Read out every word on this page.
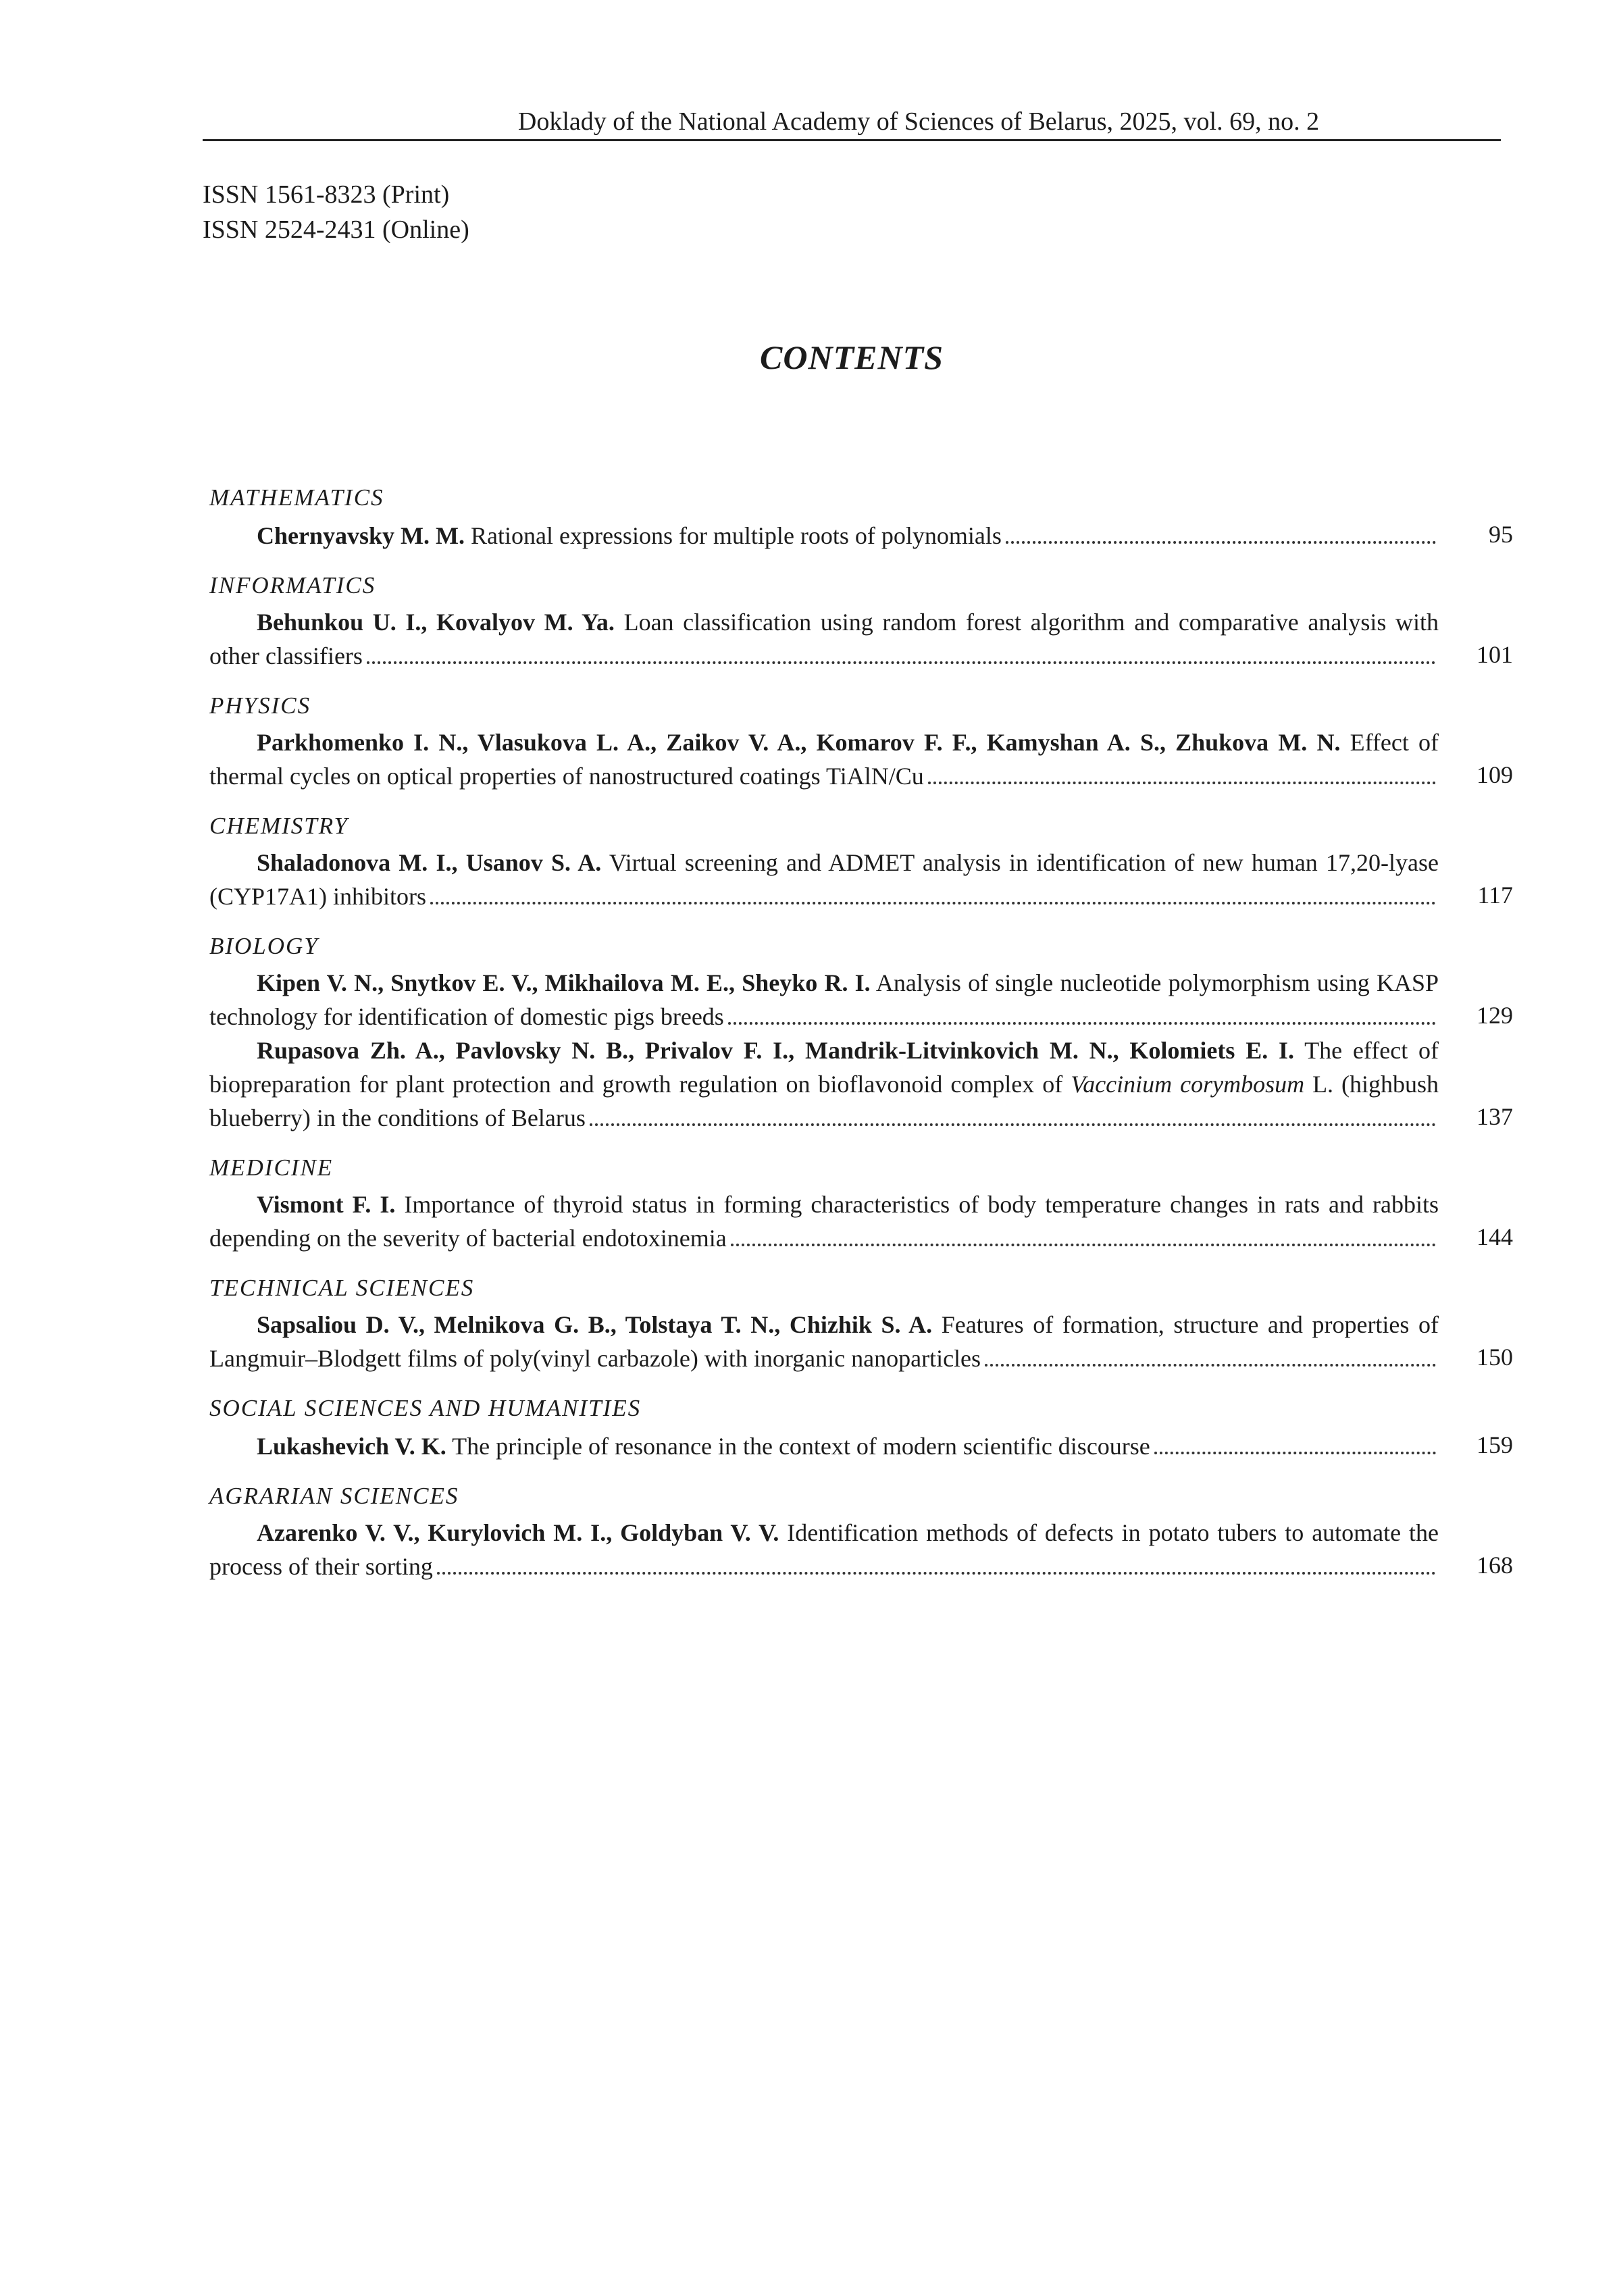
Doklady of the National Academy of Sciences of Belarus, 2025, vol. 69, no. 2
ISSN 1561-8323 (Print)
ISSN 2524-2431 (Online)
CONTENTS
MATHEMATICS
Chernyavsky M. M. Rational expressions for multiple roots of polynomials	95
INFORMATICS
Behunkou U. I., Kovalyov M. Ya. Loan classification using random forest algorithm and comparative analysis with other classifiers	101
PHYSICS
Parkhomenko I. N., Vlasukova L. A., Zaikov V. A., Komarov F. F., Kamyshan A. S., Zhukova M. N. Effect of thermal cycles on optical properties of nanostructured coatings TiAlN/Cu	109
CHEMISTRY
Shaladonova M. I., Usanov S. A. Virtual screening and ADMET analysis in identification of new human 17,20-lyase (CYP17A1) inhibitors	117
BIOLOGY
Kipen V. N., Snytkov E. V., Mikhailova M. E., Sheyko R. I. Analysis of single nucleotide polymorphism using KASP technology for identification of domestic pigs breeds	129
Rupasova Zh. A., Pavlovsky N. B., Privalov F. I., Mandrik-Litvinkovich M. N., Kolomiets E. I. The effect of biopreparation for plant protection and growth regulation on bioflavonoid complex of Vaccinium corymbosum L. (highbush blueberry) in the conditions of Belarus	137
MEDICINE
Vismont F. I. Importance of thyroid status in forming characteristics of body temperature changes in rats and rabbits depending on the severity of bacterial endotoxinemia	144
TECHNICAL SCIENCES
Sapsaliou D. V., Melnikova G. B., Tolstaya T. N., Chizhik S. A. Features of formation, structure and properties of Langmuir–Blodgett films of poly(vinyl carbazole) with inorganic nanoparticles	150
SOCIAL SCIENCES AND HUMANITIES
Lukashevich V. K. The principle of resonance in the context of modern scientific discourse	159
AGRARIAN SCIENCES
Azarenko V. V., Kurylovich M. I., Goldyban V. V. Identification methods of defects in potato tubers to automate the process of their sorting	168
